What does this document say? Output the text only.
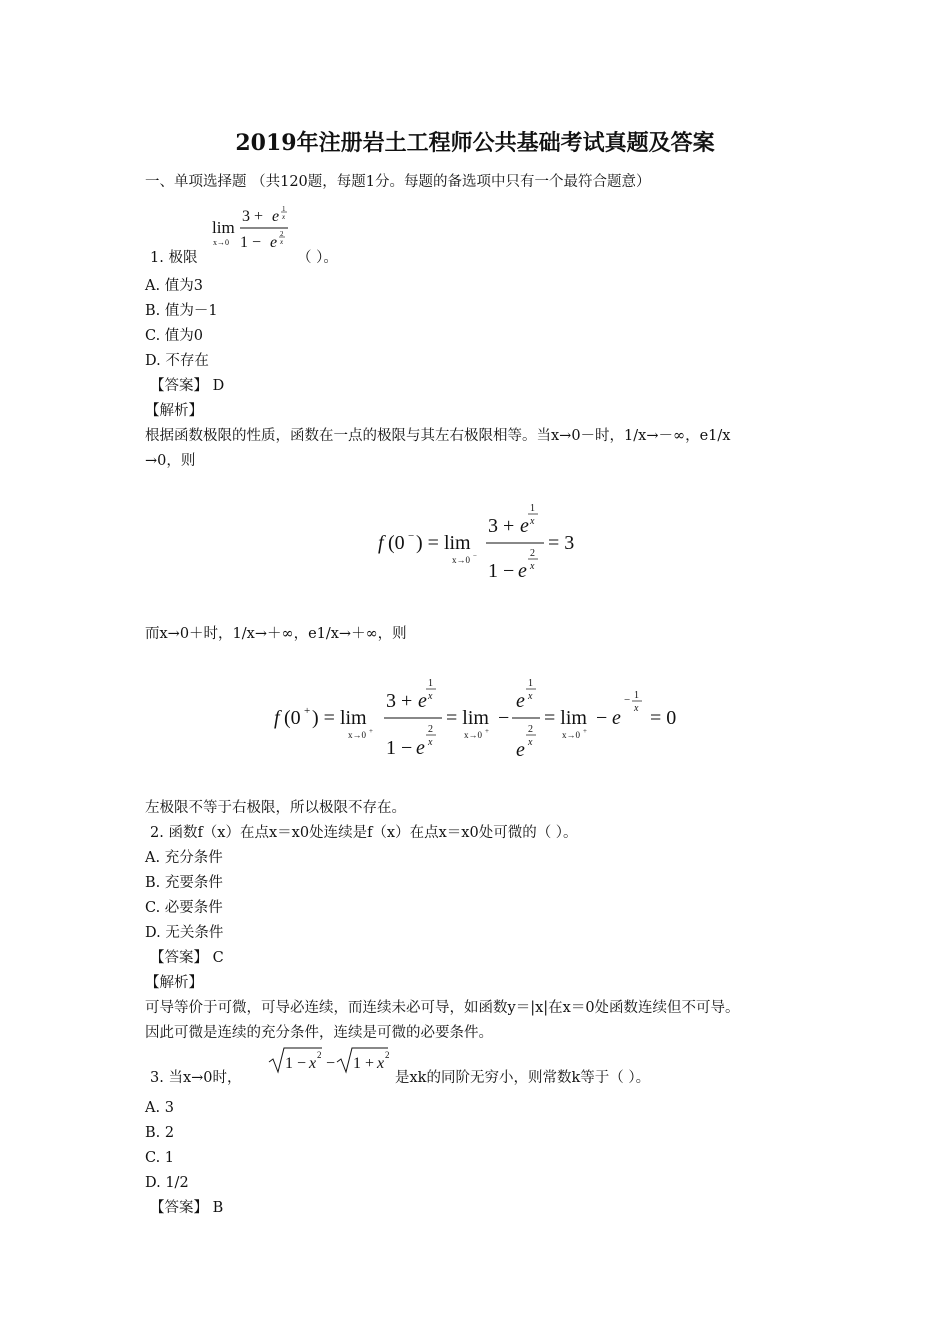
2019年注册岩土工程师公共基础考试真题及答案
一、单项选择题 （共120题，每题1分。每题的备选项中只有一个最符合题意）
lim
x→0
3 + e 1
x
1 − e 2
x
1. 极限	（ ）。
A. 值为3
B. 值为－1
C. 值为0
D. 不存在
【答案】 D
【解析】
根据函数极限的性质，函数在一点的极限与其左右极限相等。当x→0－时，1/x→－∞，e1/x
→0，则
f (0 − ) = lim
x→0 −
3 + e
1
x
1 − e
2
x
= 3
而x→0＋时，1/x→＋∞，e1/x→＋∞，则
f (0 + ) = lim
x→0 +
3 + e
1
x
1 − e
2
x
= lim
x→0 +
−
e
1
x
e
2
x
= lim
x→0 +
− e
− 1
x = 0
左极限不等于右极限，所以极限不存在。
2. 函数f（x）在点x＝x0处连续是f（x）在点x＝x0处可微的（ ）。
A. 充分条件
B. 充要条件
C. 必要条件
D. 无关条件
【答案】 C
【解析】
可导等价于可微，可导必连续，而连续未必可导，如函数y＝|x|在x＝0处函数连续但不可导。
因此可微是连续的充分条件，连续是可微的必要条件。
1 − x 2 − 1 + x 2
3. 当x→0时，	是xk的同阶无穷小，则常数k等于（ ）。
A. 3
B. 2
C. 1
D. 1/2
【答案】 B
